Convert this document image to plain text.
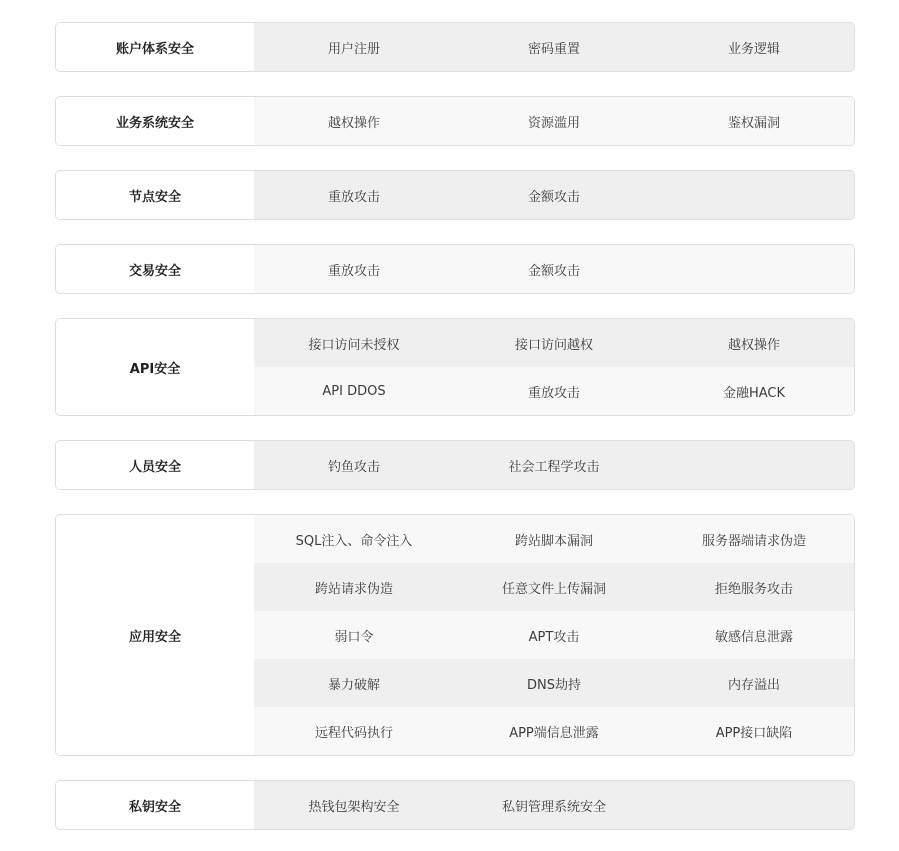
账户体系安全	用户注册	密码重置	业务逻辑
业务系统安全	越权操作	资源滥用	鉴权漏洞
节点安全	重放攻击	金额攻击
交易安全	重放攻击	金额攻击
API安全
接口访问未授权	接口访问越权	越权操作
API DDOS	重放攻击	金融HACK
人员安全	钓鱼攻击	社会工程学攻击
应用安全
SQL注入、命令注入	跨站脚本漏洞	服务器端请求伪造
跨站请求伪造	任意文件上传漏洞	拒绝服务攻击
弱口令	APT攻击	敏感信息泄露
暴力破解	DNS劫持	内存溢出
远程代码执行	APP端信息泄露	APP接口缺陷
私钥安全	热钱包架构安全	私钥管理系统安全
